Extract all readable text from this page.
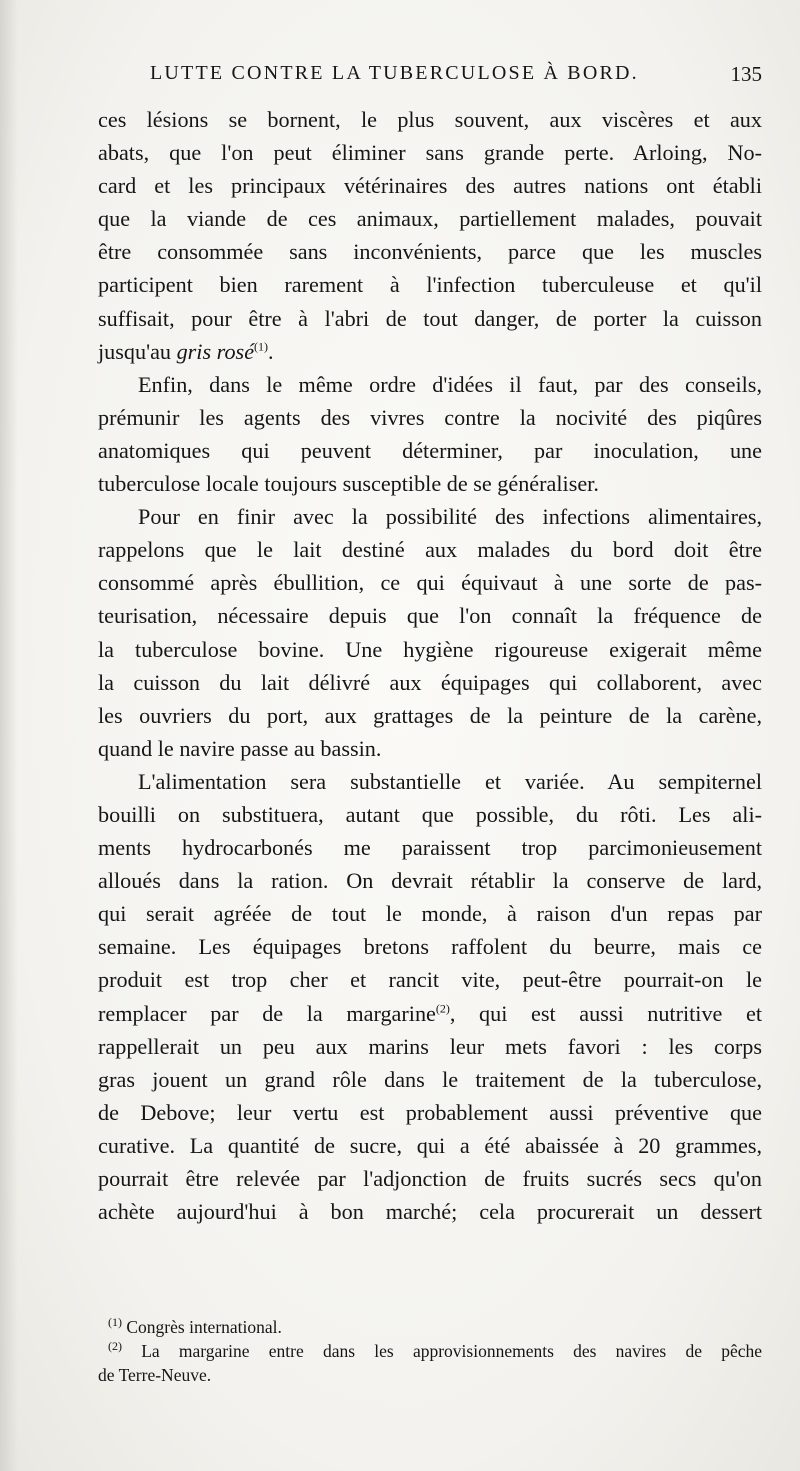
LUTTE CONTRE LA TUBERCULOSE À BORD.	135
ces lésions se bornent, le plus souvent, aux viscères et aux
abats, que l'on peut éliminer sans grande perte. Arloing, No-
card et les principaux vétérinaires des autres nations ont établi
que la viande de ces animaux, partiellement malades, pouvait
être consommée sans inconvénients, parce que les muscles
participent bien rarement à l'infection tuberculeuse et qu'il
suffisait, pour être à l'abri de tout danger, de porter la cuisson
jusqu'au gris rosé$^{(1)}$.
Enfin, dans le même ordre d'idées il faut, par des conseils,
prémunir les agents des vivres contre la nocivité des piqûres
anatomiques qui peuvent déterminer, par inoculation, une
tuberculose locale toujours susceptible de se généraliser.
Pour en finir avec la possibilité des infections alimentaires,
rappelons que le lait destiné aux malades du bord doit être
consommé après ébullition, ce qui équivaut à une sorte de pas-
teurisation, nécessaire depuis que l'on connaît la fréquence de
la tuberculose bovine. Une hygiène rigoureuse exigerait même
la cuisson du lait délivré aux équipages qui collaborent, avec
les ouvriers du port, aux grattages de la peinture de la carène,
quand le navire passe au bassin.
L'alimentation sera substantielle et variée. Au sempiternel
bouilli on substituera, autant que possible, du rôti. Les ali-
ments hydrocarbonés me paraissent trop parcimonieusement
alloués dans la ration. On devrait rétablir la conserve de lard,
qui serait agréée de tout le monde, à raison d'un repas par
semaine. Les équipages bretons raffolent du beurre, mais ce
produit est trop cher et rancit vite, peut-être pourrait-on le
remplacer par de la margarine$^{(2)}$, qui est aussi nutritive et
rappellerait un peu aux marins leur mets favori : les corps
gras jouent un grand rôle dans le traitement de la tuberculose,
de Debove; leur vertu est probablement aussi préventive que
curative. La quantité de sucre, qui a été abaissée à 20 grammes,
pourrait être relevée par l'adjonction de fruits sucrés secs qu'on
achète aujourd'hui à bon marché; cela procurerait un dessert
$^{(1)}$ Congrès international.
$^{(2)}$ La margarine entre dans les approvisionnements des navires de pêche
de Terre-Neuve.
